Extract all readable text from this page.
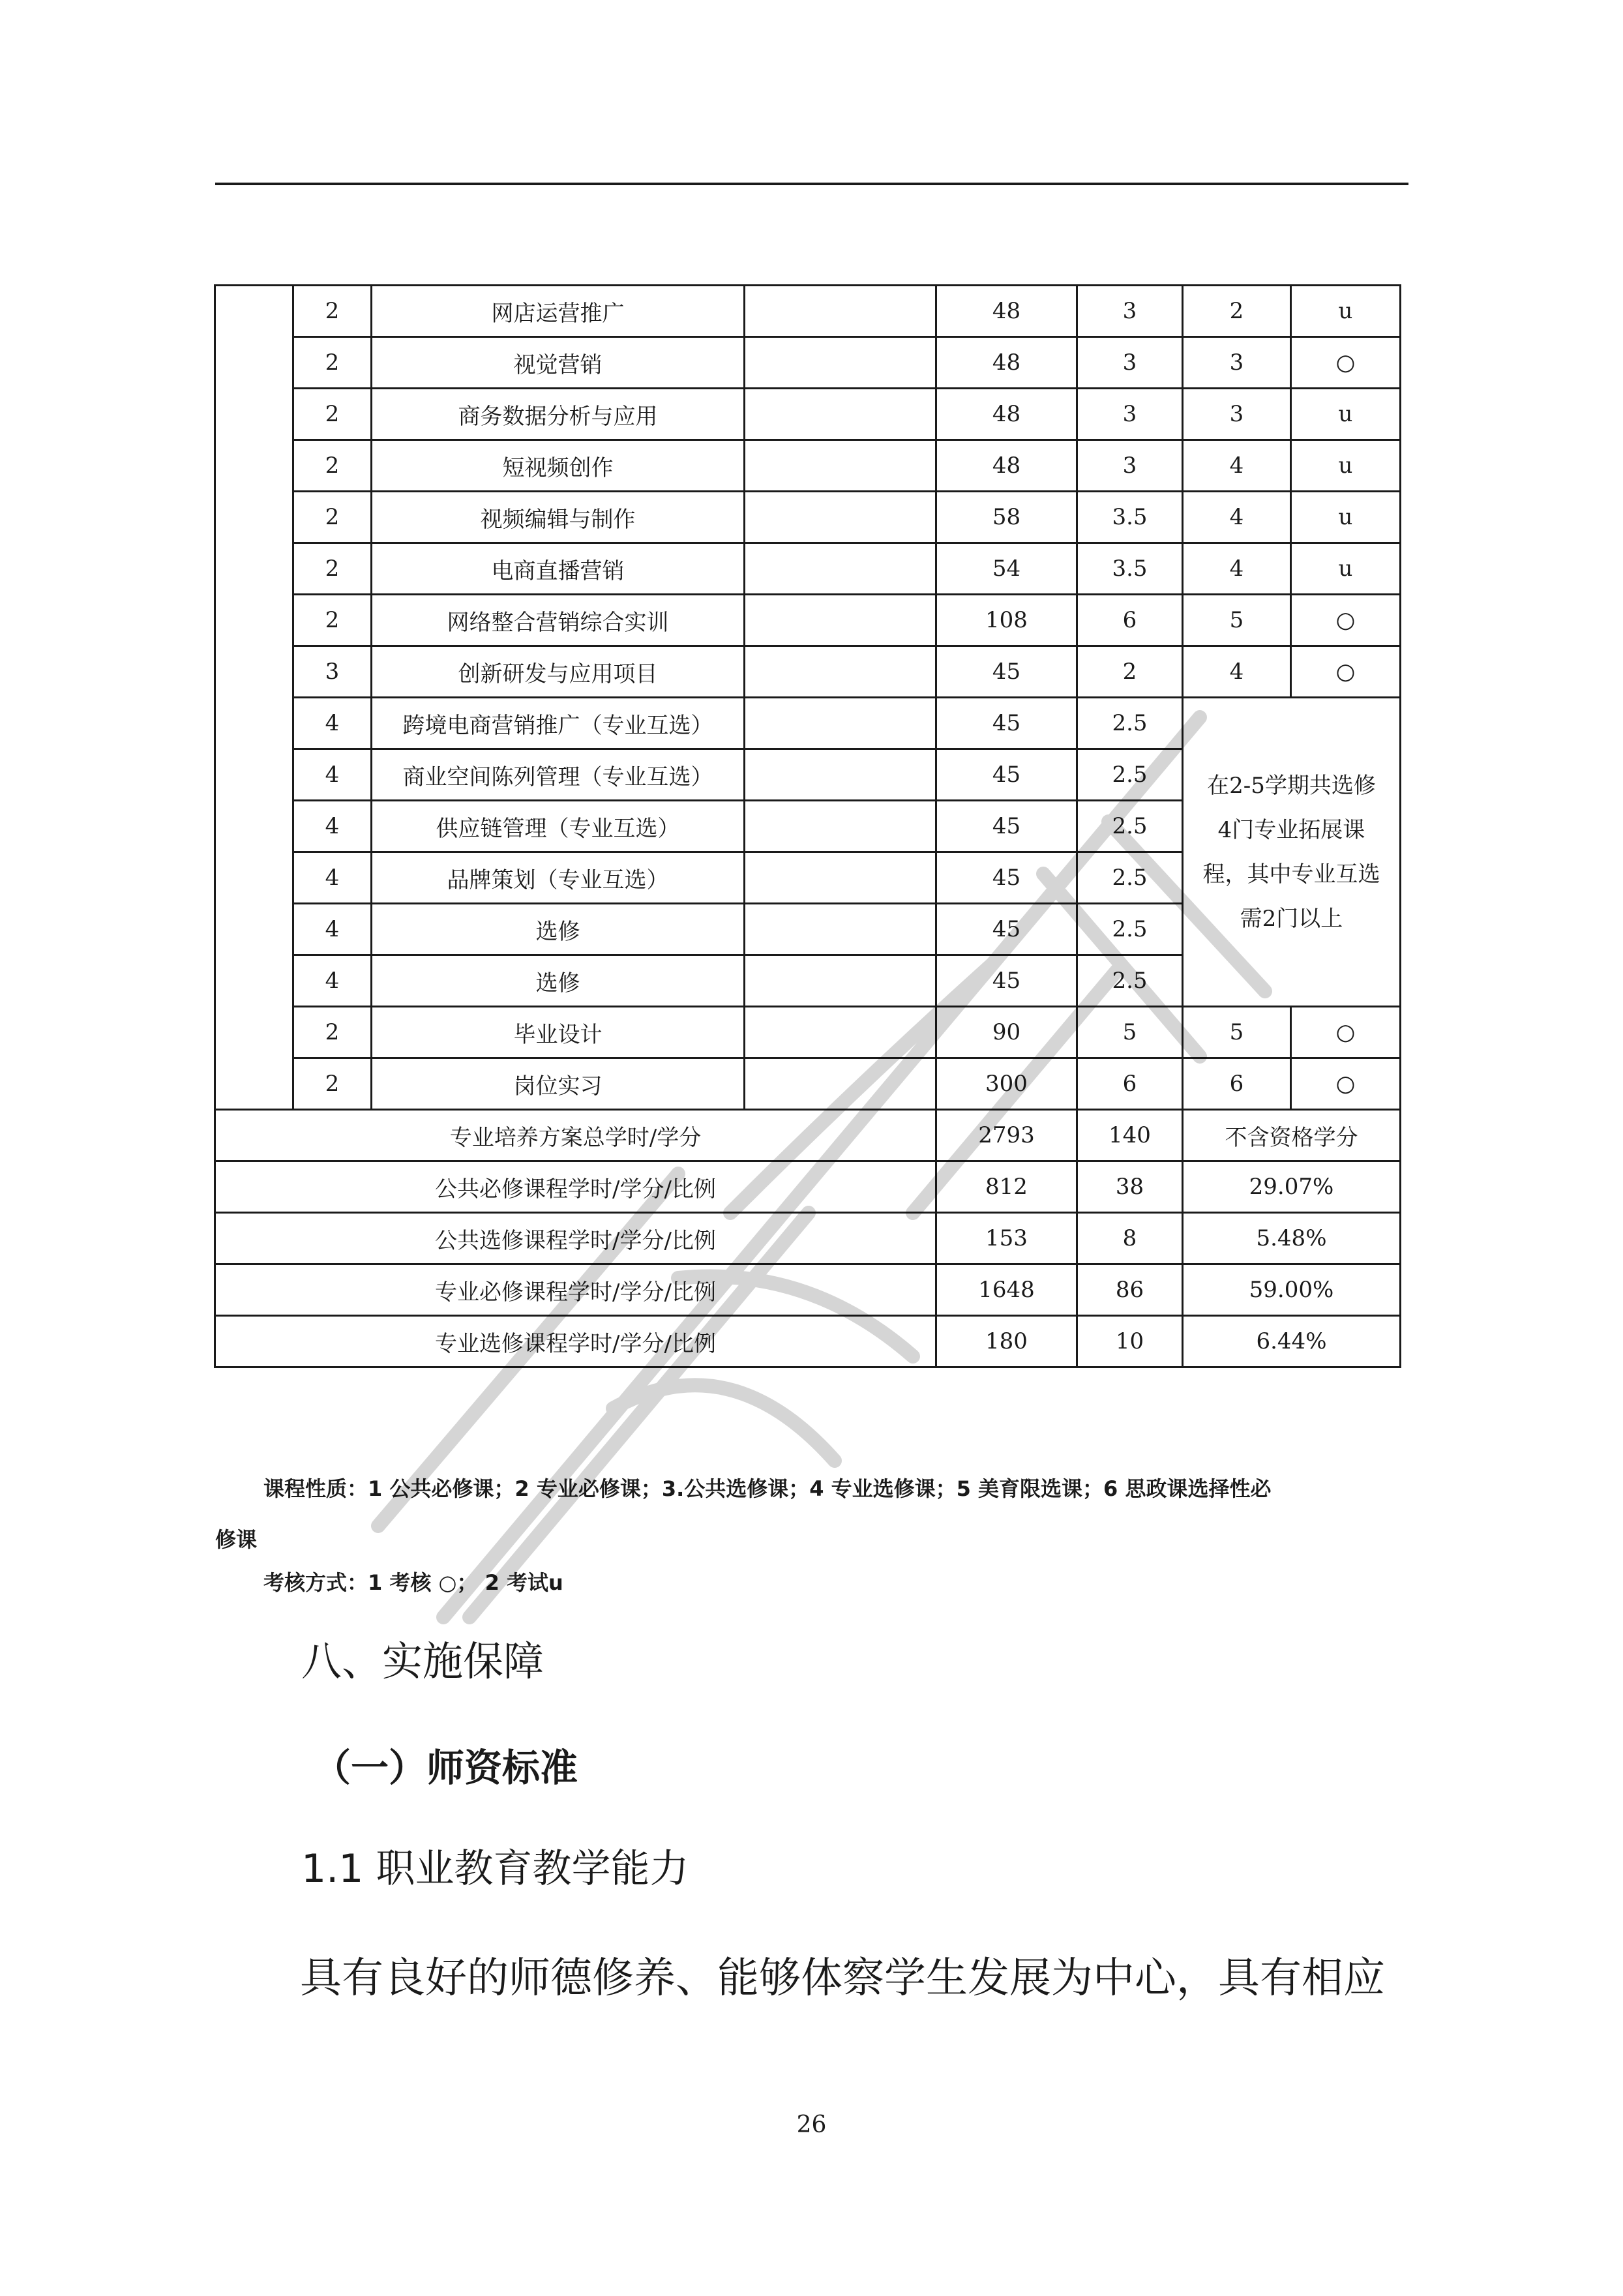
	2	网店运营推广		48	3	2	u
	2	视觉营销		48	3	3	○
	2	商务数据分析与应用		48	3	3	u
	2	短视频创作		48	3	4	u
	2	视频编辑与制作		58	3.5	4	u
	2	电商直播营销		54	3.5	4	u
	2	网络整合营销综合实训		108	6	5	○
	3	创新研发与应用项目		45	2	4	○
	4	跨境电商营销推广（专业互选）		45	2.5	在2-5学期共选修
4门专业拓展课
程，其中专业互选
需2门以上	

	4	商业空间陈列管理（专业互选）		45	2.5		
	4	供应链管理（专业互选）		45	2.5		
	4	品牌策划（专业互选）		45	2.5		
	4	选修		45	2.5		
	4	选修		45	2.5		
	2	毕业设计		90	5	5	○
	2	岗位实习		300	6	6	○
专业培养方案总学时/学分				2793	140	不含资格学分	
公共必修课程学时/学分/比例				812	38	29.07%	
公共选修课程学时/学分/比例				153	8	5.48%	
专业必修课程学时/学分/比例				1648	86	59.00%	
专业选修课程学时/学分/比例				180	10	6.44%	
课程性质：1 公共必修课；2 专业必修课；3.公共选修课；4 专业选修课；5 美育限选课；6 思政课选择性必
修课
考核方式：1 考核 ○； 2 考试u
八、实施保障
（一）师资标准
1.1 职业教育教学能力
具有良好的师德修养、能够体察学生发展为中心，具有相应
26
